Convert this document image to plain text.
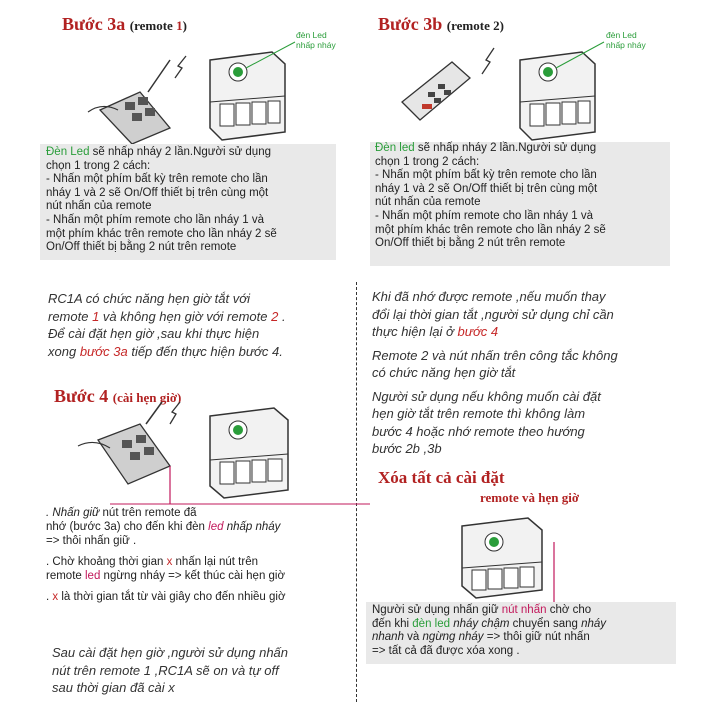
Bước 3a (remote 1)
đèn Led
nhấp nháy

Đèn Led sẽ nhấp nháy 2 lần.Người sử dụng

chọn 1 trong 2 cách:

- Nhấn một phím bất kỳ trên remote cho lần

nháy 1 và 2 sẽ On/Off thiết bị trên cùng một

nút nhấn của remote

- Nhấn một phím remote cho lần nháy 1 và

một phím khác trên remote cho lần nháy 2 sẽ

On/Off thiết bị bằng 2 nút trên remote

Bước 3b (remote 2)
đèn Led
nhấp nháy

Đèn led sẽ nhấp nháy 2 lần.Người sử dụng

chọn 1 trong 2 cách:

- Nhấn một phím bất kỳ trên remote cho lần

nháy 1 và 2 sẽ On/Off thiết bị trên cùng một

nút nhấn của remote

- Nhấn một phím remote cho lần nháy 1 và

một phím khác trên remote cho lần nháy 2 sẽ

On/Off thiết bị bằng 2 nút trên remote

RC1A có chức năng hẹn giờ tắt với

remote 1 và không hẹn giờ với remote 2 .

Để cài đặt hẹn giờ ,sau khi thực hiện

xong bước 3a tiếp đến thực hiện bước 4.

Khi đã nhớ được remote ,nếu muốn thay

đổi lại thời gian tắt ,người sử dụng chỉ cần

thực hiện lại ở bước 4

Remote 2 và nút nhấn trên công tắc không

có chức năng hẹn giờ tắt

Người sử dụng nếu không muốn cài đặt

hẹn giờ tắt trên remote thì không làm

bước 4 hoặc nhớ remote theo hướng

bước 2b ,3b

Bước 4 (cài hẹn giờ)

. Nhấn giữ nút trên remote đã

nhớ (bước 3a) cho đến khi đèn led nhấp nháy

=> thôi nhấn giữ .

. Chờ khoảng thời gian x nhấn lại nút trên

remote led ngừng nháy => kết thúc cài hẹn giờ

. x là thời gian tắt từ vài giây cho đến nhiều giờ

Sau cài đặt hẹn giờ ,người sử dụng nhấn

nút trên remote 1 ,RC1A sẽ on và tự off

sau thời gian đã cài x

Xóa tất cả cài đặt
remote và hẹn giờ

Người sử dụng nhấn giữ nút nhấn chờ cho

đến khi đèn led nháy chậm chuyển sang nháy

nhanh và ngừng nháy => thôi giữ nút nhấn

=> tất cả đã được xóa xong .
